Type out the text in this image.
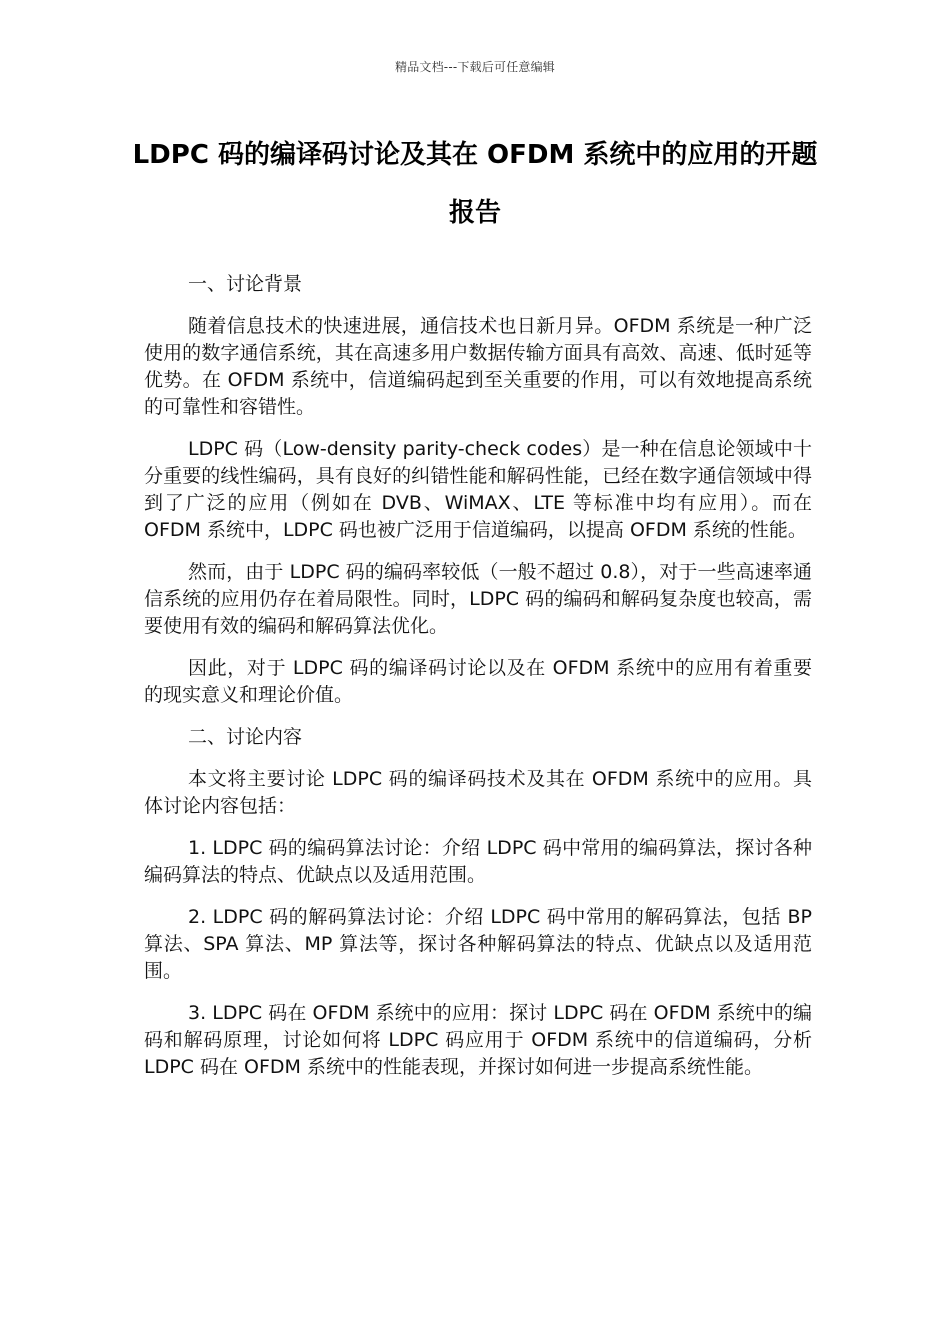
精品文档---下载后可任意编辑
LDPC 码的编译码讨论及其在 OFDM 系统中的应用的开题报告
一、讨论背景

随着信息技术的快速进展，通信技术也日新月异。OFDM 系统是一种广泛使用的数字通信系统，其在高速多用户数据传输方面具有高效、高速、低时延等优势。在 OFDM 系统中，信道编码起到至关重要的作用，可以有效地提高系统的可靠性和容错性。

LDPC 码（Low-density parity-check codes）是一种在信息论领域中十分重要的线性编码，具有良好的纠错性能和解码性能，已经在数字通信领域中得到了广泛的应用（例如在 DVB、WiMAX、LTE 等标准中均有应用）。而在 OFDM 系统中，LDPC 码也被广泛用于信道编码，以提高 OFDM 系统的性能。

然而，由于 LDPC 码的编码率较低（一般不超过 0.8），对于一些高速率通信系统的应用仍存在着局限性。同时，LDPC 码的编码和解码复杂度也较高，需要使用有效的编码和解码算法优化。

因此，对于 LDPC 码的编译码讨论以及在 OFDM 系统中的应用有着重要的现实意义和理论价值。

二、讨论内容

本文将主要讨论 LDPC 码的编译码技术及其在 OFDM 系统中的应用。具体讨论内容包括：

1. LDPC 码的编码算法讨论：介绍 LDPC 码中常用的编码算法，探讨各种编码算法的特点、优缺点以及适用范围。

2. LDPC 码的解码算法讨论：介绍 LDPC 码中常用的解码算法，包括 BP 算法、SPA 算法、MP 算法等，探讨各种解码算法的特点、优缺点以及适用范围。

3. LDPC 码在 OFDM 系统中的应用：探讨 LDPC 码在 OFDM 系统中的编码和解码原理，讨论如何将 LDPC 码应用于 OFDM 系统中的信道编码，分析 LDPC 码在 OFDM 系统中的性能表现，并探讨如何进一步提高系统性能。
